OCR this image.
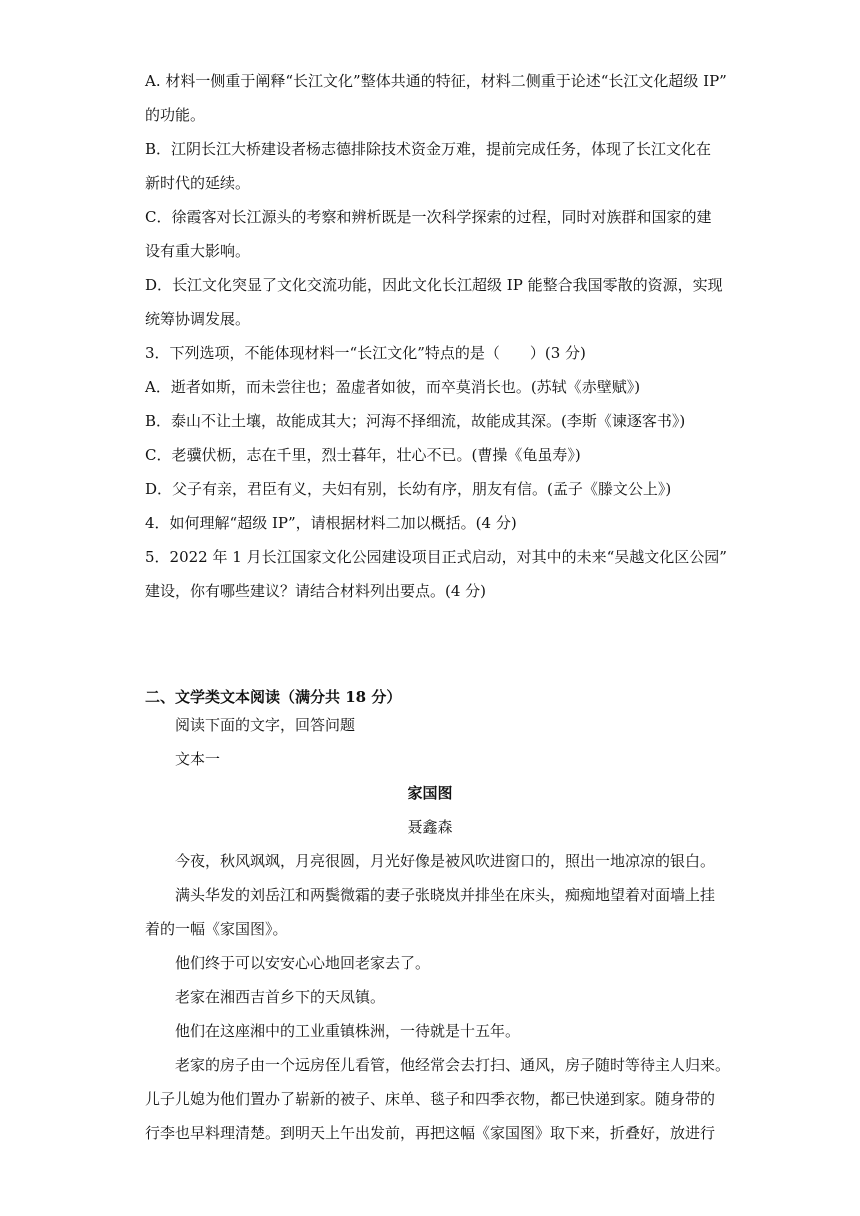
A. 材料一侧重于阐释“长江文化”整体共通的特征，材料二侧重于论述“长江文化超级 IP”
的功能。
B．江阴长江大桥建设者杨志德排除技术资金万难，提前完成任务，体现了长江文化在
新时代的延续。
C．徐霞客对长江源头的考察和辨析既是一次科学探索的过程，同时对族群和国家的建
设有重大影响。
D．长江文化突显了文化交流功能，因此文化长江超级 IP 能整合我国零散的资源，实现
统筹协调发展。
3．下列选项，不能体现材料一“长江文化”特点的是（　　）(3 分)
A．逝者如斯，而未尝往也；盈虚者如彼，而卒莫消长也。(苏轼《赤壁赋》)
B．泰山不让土壤，故能成其大；河海不择细流，故能成其深。(李斯《谏逐客书》)
C．老骥伏枥，志在千里，烈士暮年，壮心不已。(曹操《龟虽寿》)
D．父子有亲，君臣有义，夫妇有别，长幼有序，朋友有信。(孟子《滕文公上》)
4．如何理解“超级 IP”，请根据材料二加以概括。(4 分)
5．2022 年 1 月长江国家文化公园建设项目正式启动，对其中的未来“吴越文化区公园”
建设，你有哪些建议？请结合材料列出要点。(4 分)
二、文学类文本阅读（满分共 18 分）
阅读下面的文字，回答问题
文本一
家国图
聂鑫森
今夜，秋风飒飒，月亮很圆，月光好像是被风吹进窗口的，照出一地凉凉的银白。
满头华发的刘岳江和两鬓微霜的妻子张晓岚并排坐在床头，痴痴地望着对面墙上挂
着的一幅《家国图》。
他们终于可以安安心心地回老家去了。
老家在湘西吉首乡下的天凤镇。
他们在这座湘中的工业重镇株洲，一待就是十五年。
老家的房子由一个远房侄儿看管，他经常会去打扫、通风，房子随时等待主人归来。
儿子儿媳为他们置办了崭新的被子、床单、毯子和四季衣物，都已快递到家。随身带的
行李也早料理清楚。到明天上午出发前，再把这幅《家国图》取下来，折叠好，放进行
